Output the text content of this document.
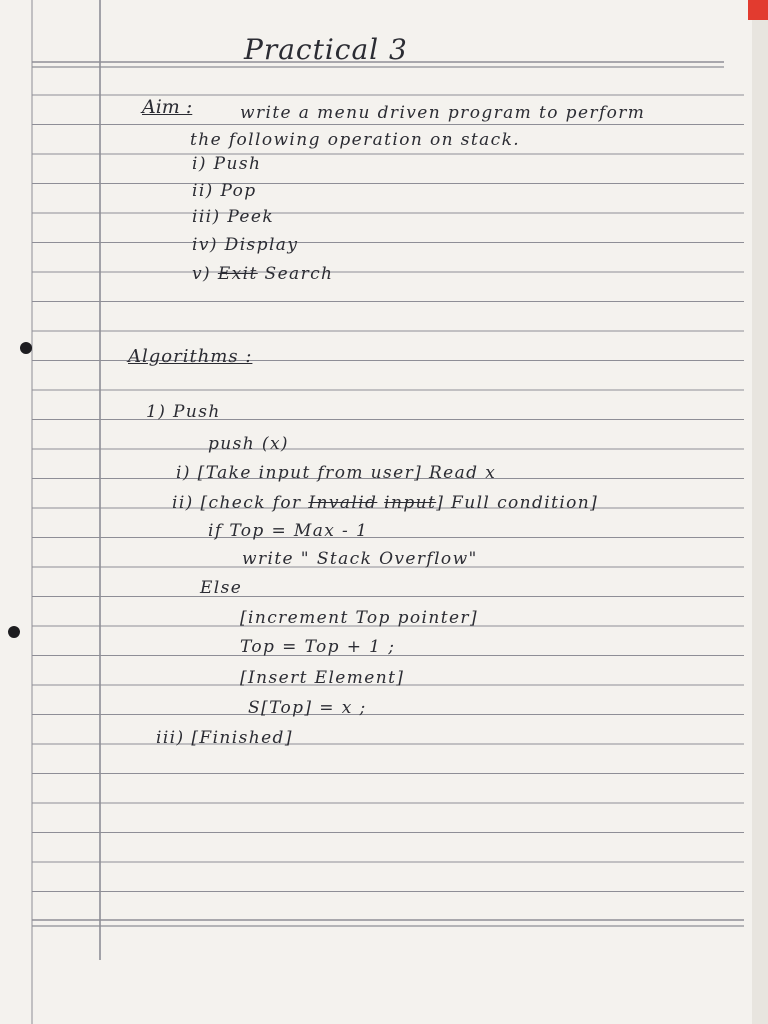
Practical 3
Aim :	write a menu driven program to perform
the following operation on stack.
i) Push
ii) Pop
iii) Peek
iv) Display
v) Exit Search
Algorithms :
1) Push
push (x)
i) [Take input from user] Read x
ii) [check for Invalid input] Full condition]
if Top = Max - 1
write " Stack Overflow"
Else
[increment Top pointer]
Top = Top + 1 ;
[Insert Element]
S[Top] = x ;
iii) [Finished]
